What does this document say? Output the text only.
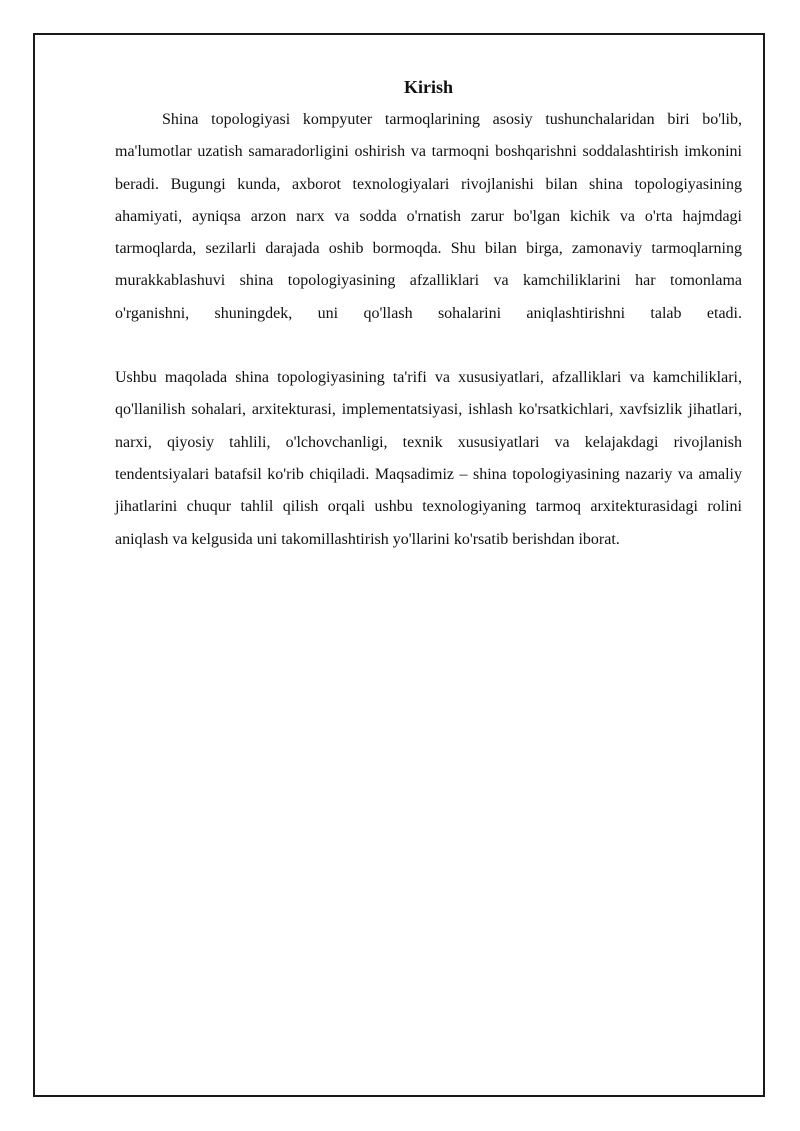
Kirish

Shina topologiyasi kompyuter tarmoqlarining asosiy tushunchalaridan biri bo'lib, ma'lumotlar uzatish samaradorligini oshirish va tarmoqni boshqarishni soddalashtirish imkonini beradi. Bugungi kunda, axborot texnologiyalari rivojlanishi bilan shina topologiyasining ahamiyati, ayniqsa arzon narx va sodda o'rnatish zarur bo'lgan kichik va o'rta hajmdagi tarmoqlarda, sezilarli darajada oshib bormoqda. Shu bilan birga, zamonaviy tarmoqlarning murakkablashuvi shina topologiyasining afzalliklari va kamchiliklarini har tomonlama o'rganishni, shuningdek, uni qo'llash sohalarini aniqlashtirishni talab etadi.

Ushbu maqolada shina topologiyasining ta'rifi va xususiyatlari, afzalliklari va kamchiliklari, qo'llanilish sohalari, arxitekturasi, implementatsiyasi, ishlash ko'rsatkichlari, xavfsizlik jihatlari, narxi, qiyosiy tahlili, o'lchovchanligi, texnik xususiyatlari va kelajakdagi rivojlanish tendentsiyalari batafsil ko'rib chiqiladi. Maqsadimiz – shina topologiyasining nazariy va amaliy jihatlarini chuqur tahlil qilish orqali ushbu texnologiyaning tarmoq arxitekturasidagi rolini aniqlash va kelgusida uni takomillashtirish yo'llarini ko'rsatib berishdan iborat.
